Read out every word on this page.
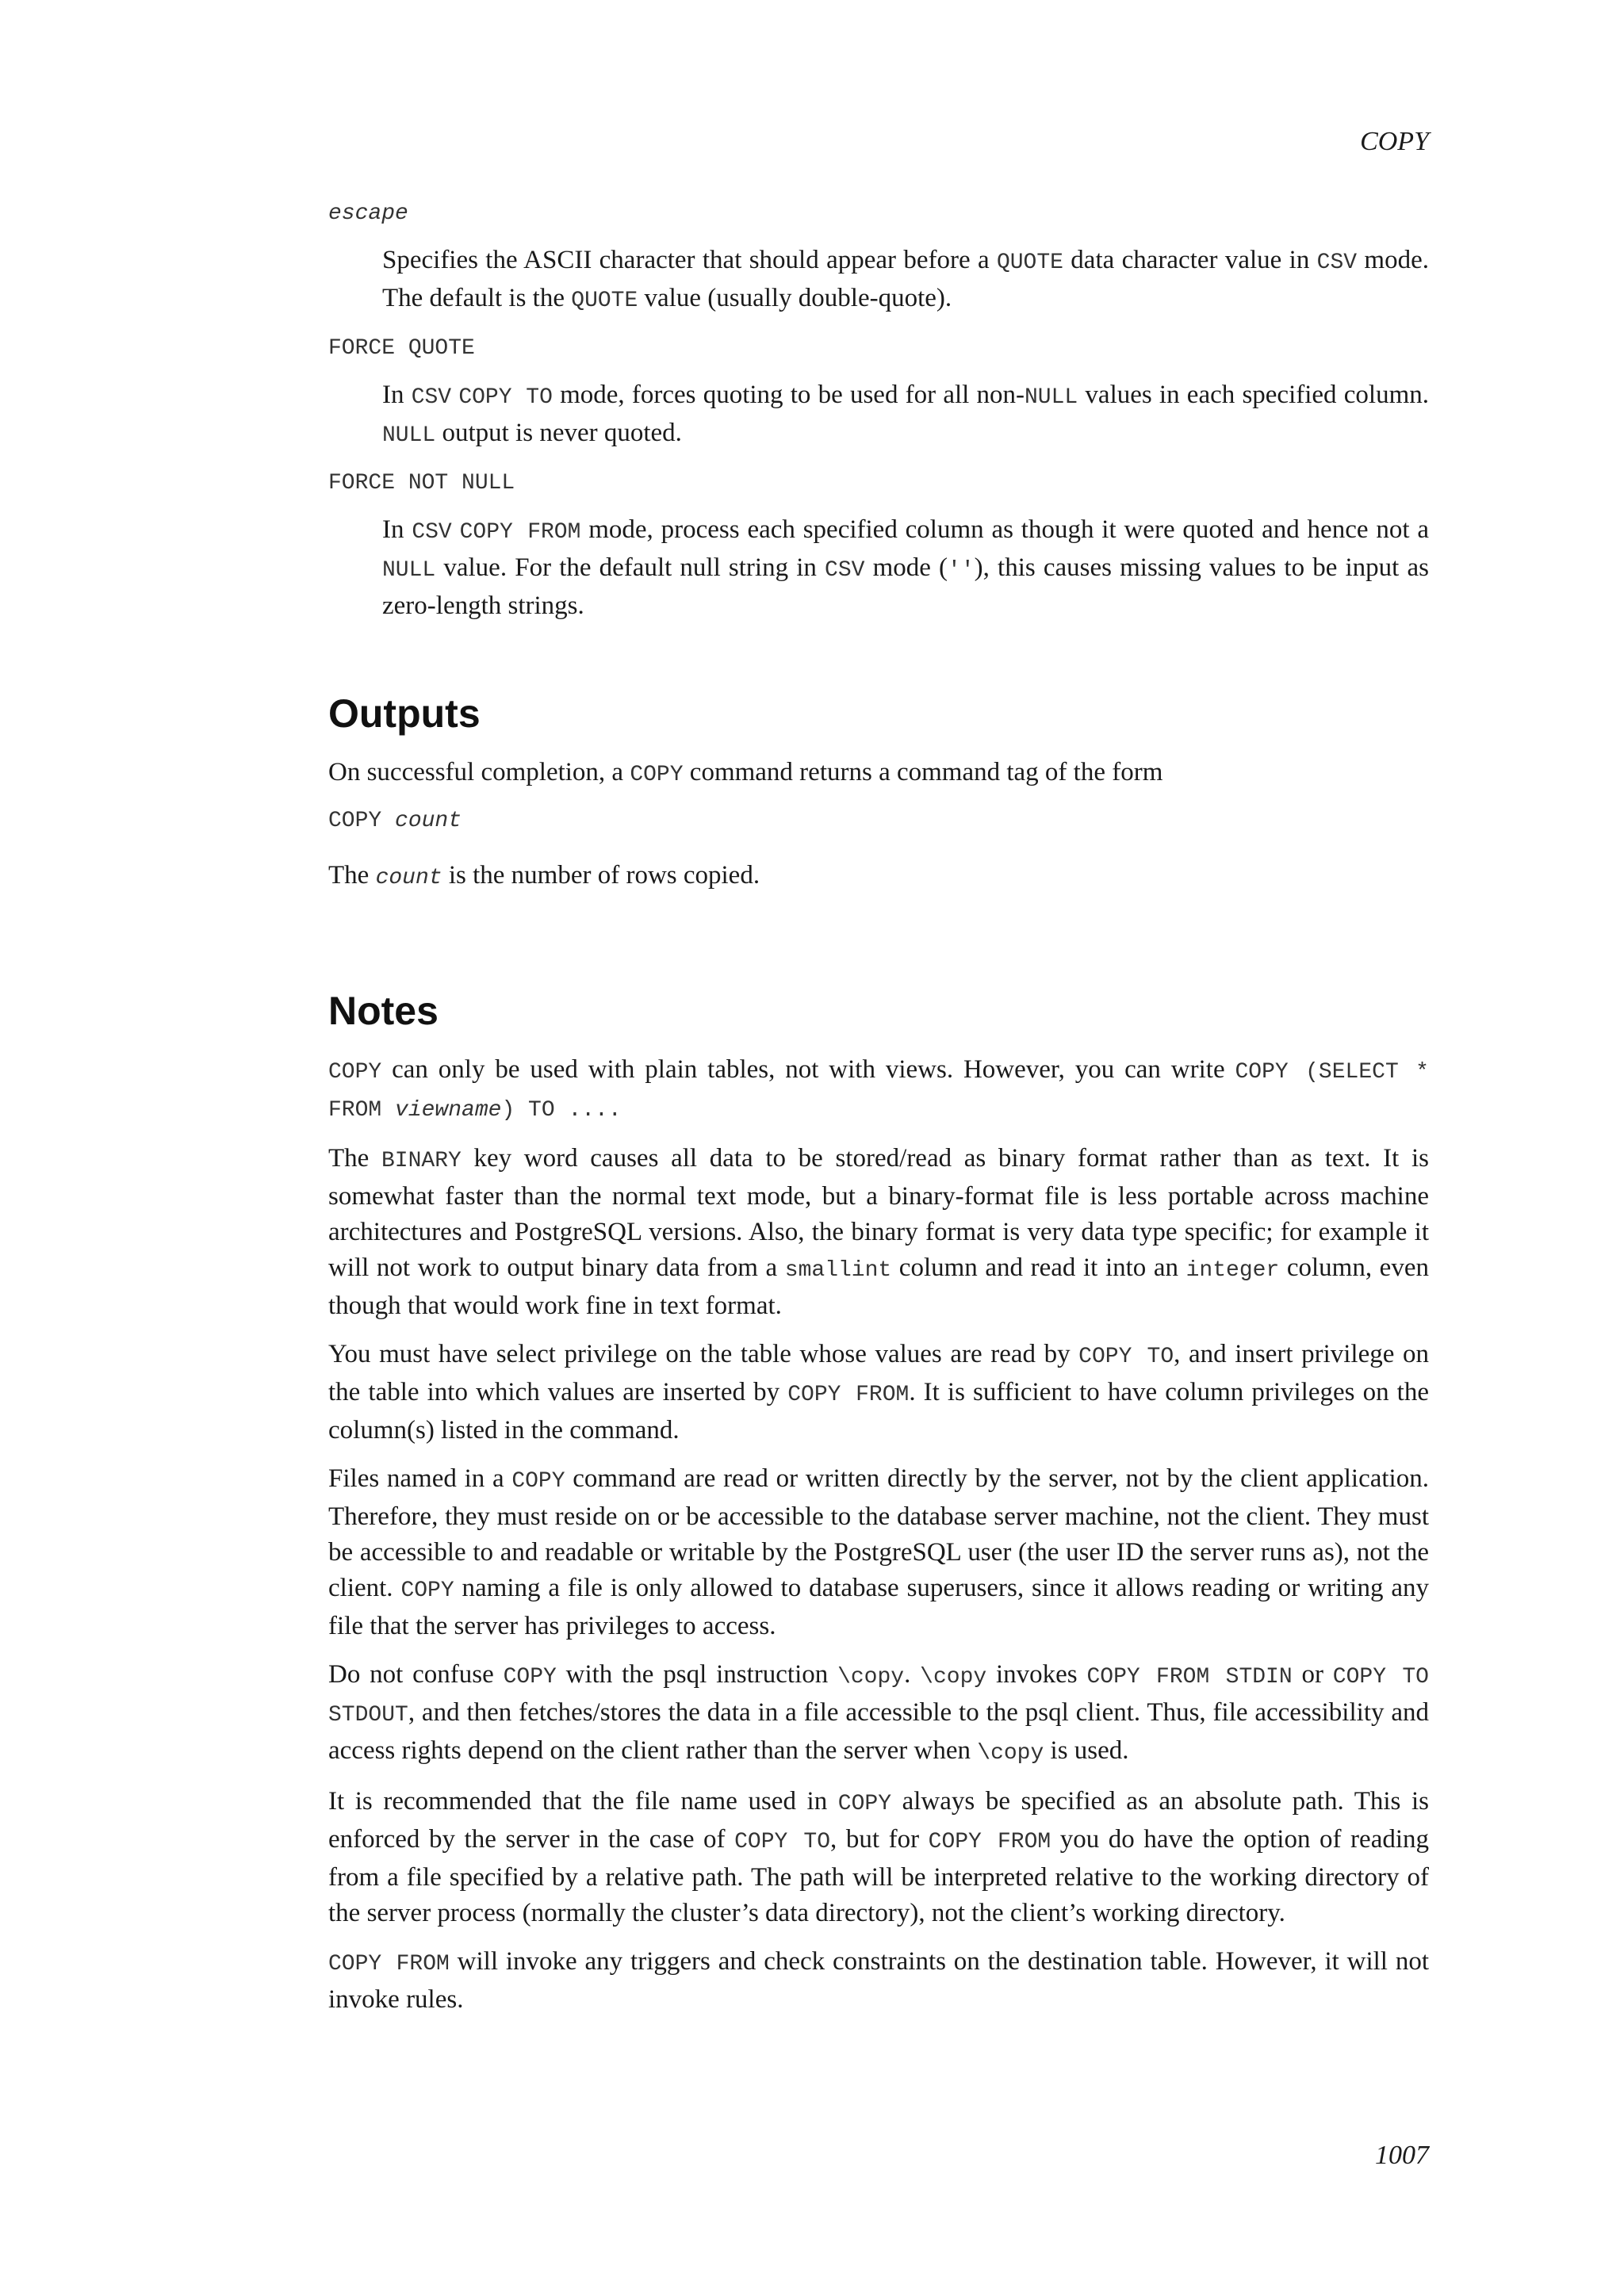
COPY
escape
Specifies the ASCII character that should appear before a QUOTE data character value in CSV mode. The default is the QUOTE value (usually double-quote).
FORCE QUOTE
In CSV COPY TO mode, forces quoting to be used for all non-NULL values in each specified column. NULL output is never quoted.
FORCE NOT NULL
In CSV COPY FROM mode, process each specified column as though it were quoted and hence not a NULL value. For the default null string in CSV mode (''), this causes missing values to be input as zero-length strings.
Outputs

On successful completion, a COPY command returns a command tag of the form

COPY count

The count is the number of rows copied.

Notes

COPY can only be used with plain tables, not with views. However, you can write COPY (SELECT * FROM viewname) TO ....

The BINARY key word causes all data to be stored/read as binary format rather than as text. It is somewhat faster than the normal text mode, but a binary-format file is less portable across machine architectures and PostgreSQL versions. Also, the binary format is very data type specific; for example it will not work to output binary data from a smallint column and read it into an integer column, even though that would work fine in text format.

You must have select privilege on the table whose values are read by COPY TO, and insert privilege on the table into which values are inserted by COPY FROM. It is sufficient to have column privileges on the column(s) listed in the command.

Files named in a COPY command are read or written directly by the server, not by the client application. Therefore, they must reside on or be accessible to the database server machine, not the client. They must be accessible to and readable or writable by the PostgreSQL user (the user ID the server runs as), not the client. COPY naming a file is only allowed to database superusers, since it allows reading or writing any file that the server has privileges to access.

Do not confuse COPY with the psql instruction \copy. \copy invokes COPY FROM STDIN or COPY TO STDOUT, and then fetches/stores the data in a file accessible to the psql client. Thus, file accessibility and access rights depend on the client rather than the server when \copy is used.

It is recommended that the file name used in COPY always be specified as an absolute path. This is enforced by the server in the case of COPY TO, but for COPY FROM you do have the option of reading from a file specified by a relative path. The path will be interpreted relative to the working directory of the server process (normally the cluster’s data directory), not the client’s working directory.

COPY FROM will invoke any triggers and check constraints on the destination table. However, it will not invoke rules.

1007
